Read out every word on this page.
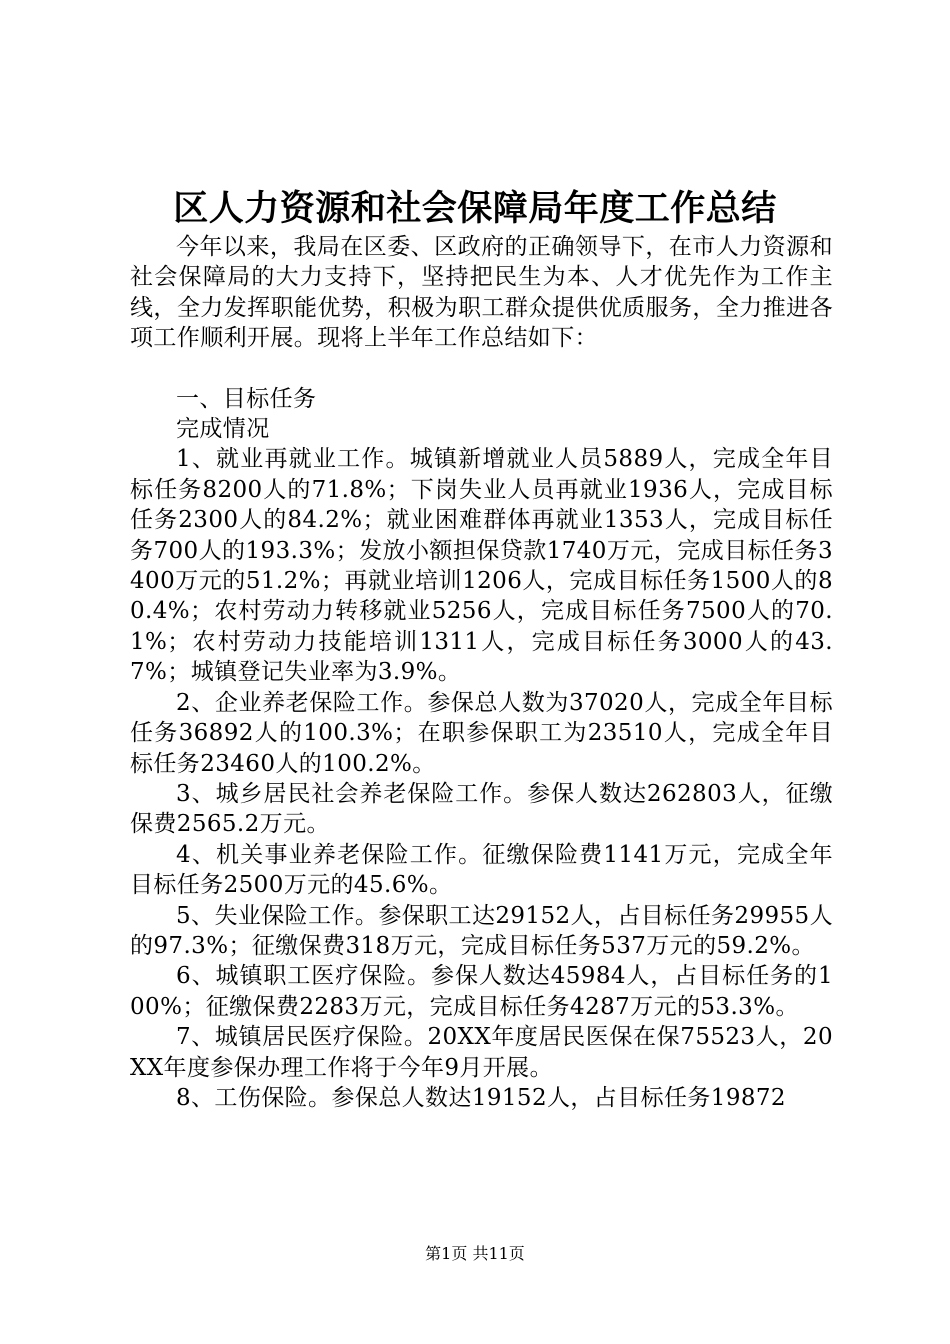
区人力资源和社会保障局年度工作总结

今年以来，我局在区委、区政府的正确领导下，在市人力资源和社会保障局的大力支持下，坚持把民生为本、人才优先作为工作主线，全力发挥职能优势，积极为职工群众提供优质服务，全力推进各项工作顺利开展。现将上半年工作总结如下：

一、目标任务

完成情况

1、就业再就业工作。城镇新增就业人员5889人，完成全年目标任务8200人的71.8%；下岗失业人员再就业1936人，完成目标任务2300人的84.2%；就业困难群体再就业1353人，完成目标任务700人的193.3%；发放小额担保贷款1740万元，完成目标任务3400万元的51.2%；再就业培训1206人，完成目标任务1500人的80.4%；农村劳动力转移就业5256人，完成目标任务7500人的70.1%；农村劳动力技能培训1311人，完成目标任务3000人的43.7%；城镇登记失业率为3.9%。

2、企业养老保险工作。参保总人数为37020人，完成全年目标任务36892人的100.3%；在职参保职工为23510人，完成全年目标任务23460人的100.2%。

3、城乡居民社会养老保险工作。参保人数达262803人，征缴保费2565.2万元。

4、机关事业养老保险工作。征缴保险费1141万元，完成全年目标任务2500万元的45.6%。

5、失业保险工作。参保职工达29152人，占目标任务29955人的97.3%；征缴保费318万元，完成目标任务537万元的59.2%。

6、城镇职工医疗保险。参保人数达45984人，占目标任务的100%；征缴保费2283万元，完成目标任务4287万元的53.3%。

7、城镇居民医疗保险。20XX年度居民医保在保75523人，20XX年度参保办理工作将于今年9月开展。

8、工伤保险。参保总人数达19152人，占目标任务19872

第1页 共11页
